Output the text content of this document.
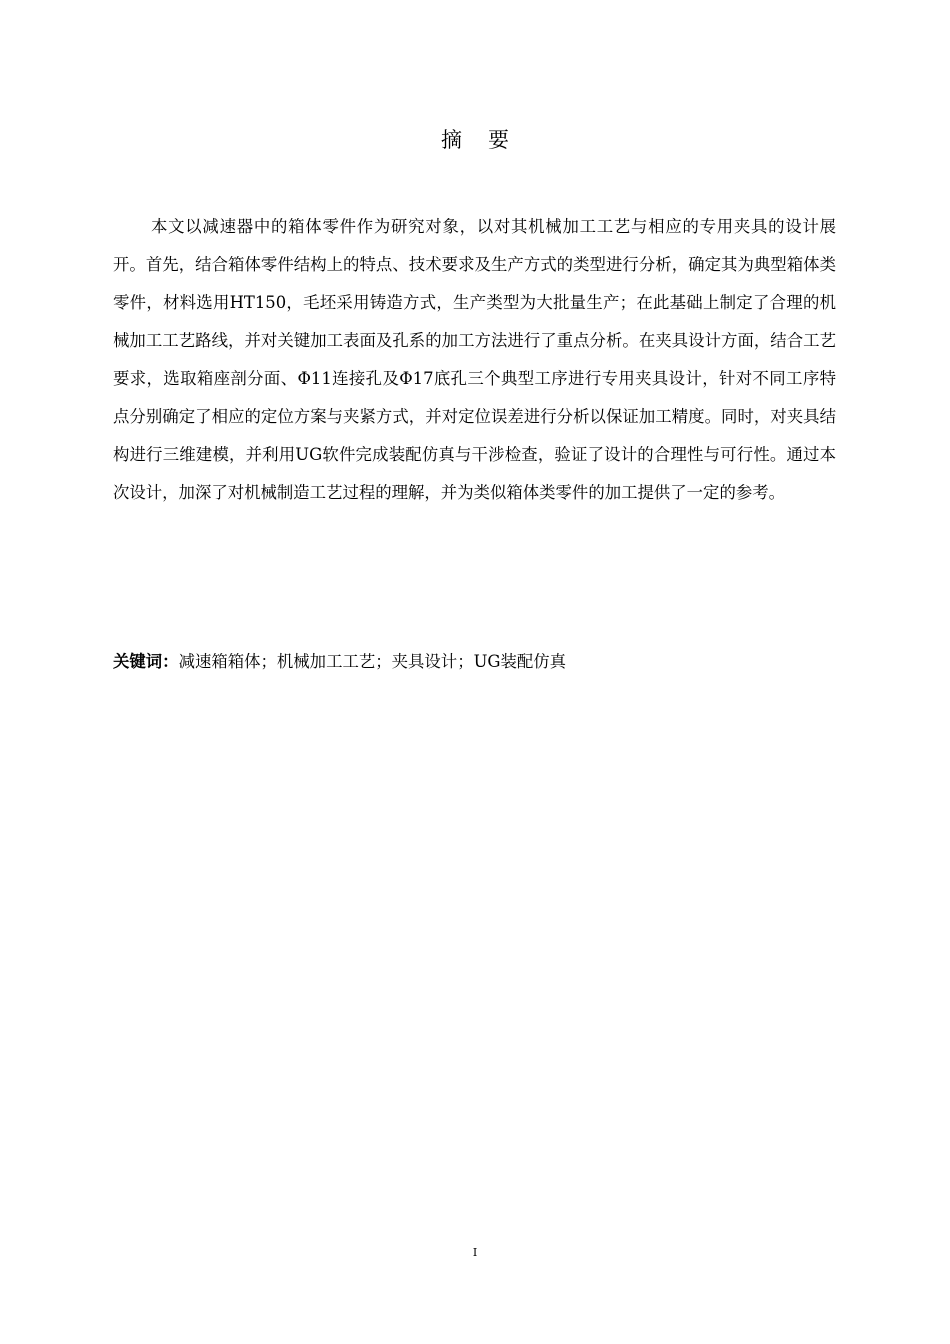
摘要

本文以减速器中的箱体零件作为研究对象，以对其机械加工工艺与相应的专用夹具的设计展开。首先，结合箱体零件结构上的特点、技术要求及生产方式的类型进行分析，确定其为典型箱体类零件，材料选用HT150，毛坯采用铸造方式，生产类型为大批量生产；在此基础上制定了合理的机械加工工艺路线，并对关键加工表面及孔系的加工方法进行了重点分析。在夹具设计方面，结合工艺要求，选取箱座剖分面、Φ11连接孔及Φ17底孔三个典型工序进行专用夹具设计，针对不同工序特点分别确定了相应的定位方案与夹紧方式，并对定位误差进行分析以保证加工精度。同时，对夹具结构进行三维建模，并利用UG软件完成装配仿真与干涉检查，验证了设计的合理性与可行性。通过本次设计，加深了对机械制造工艺过程的理解，并为类似箱体类零件的加工提供了一定的参考。

关键词：减速箱箱体；机械加工工艺；夹具设计；UG装配仿真

I
